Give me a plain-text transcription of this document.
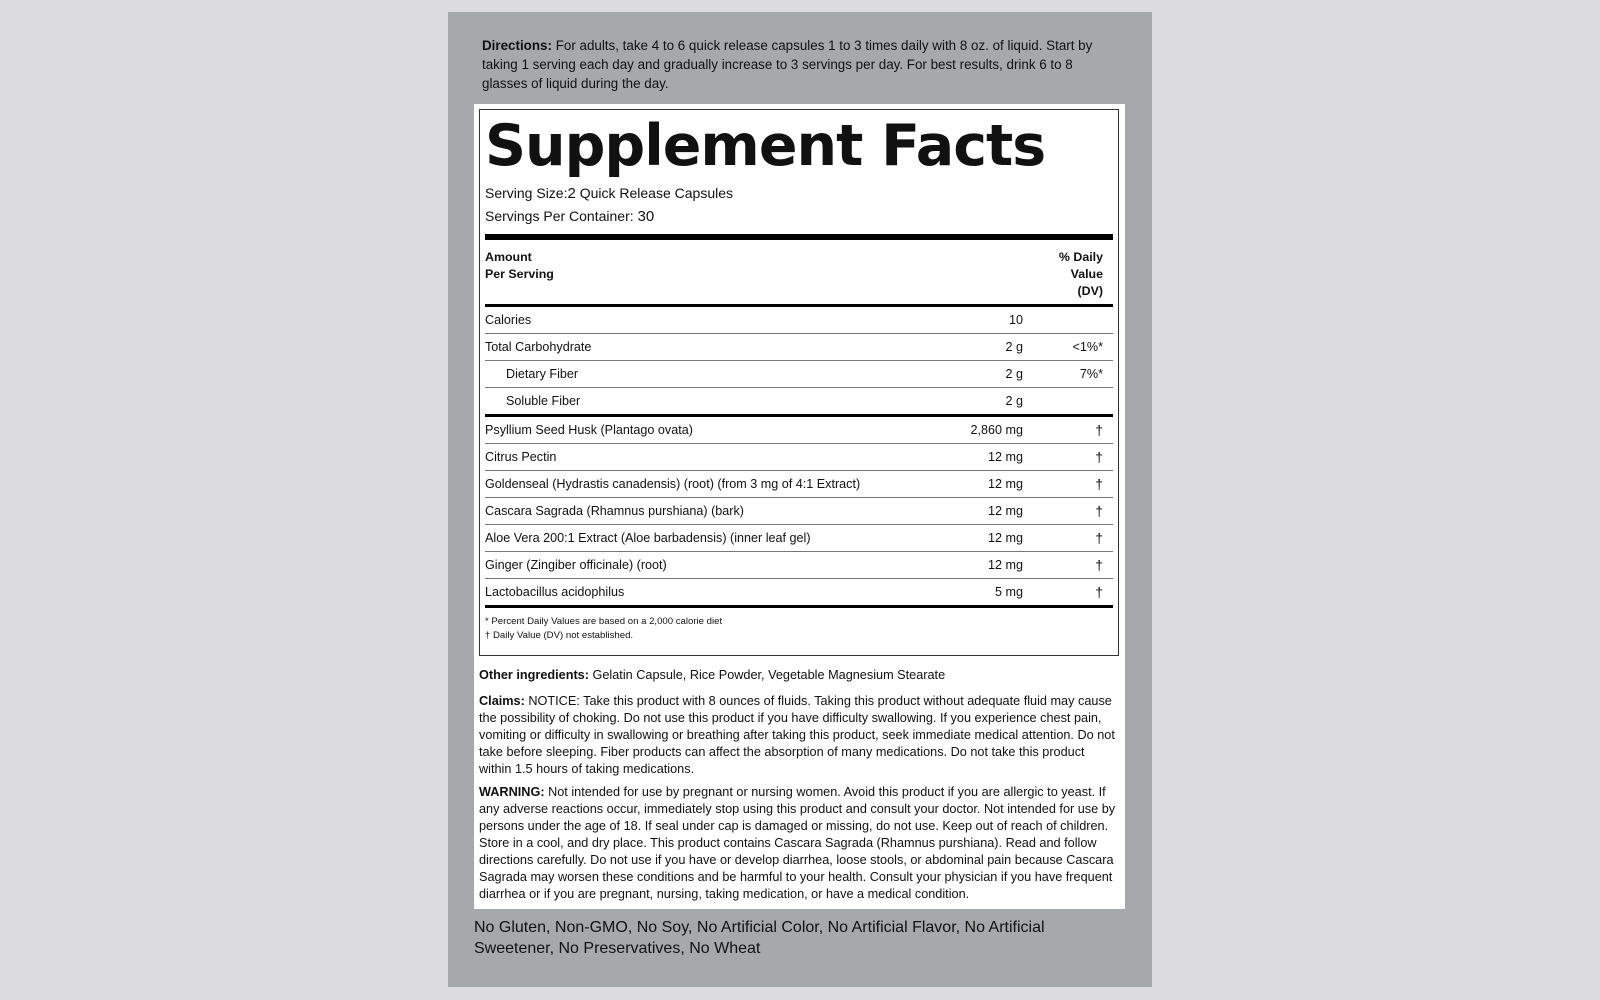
Directions: For adults, take 4 to 6 quick release capsules 1 to 3 times daily with 8 oz. of liquid. Start by taking 1 serving each day and gradually increase to 3 servings per day. For best results, drink 6 to 8 glasses of liquid during the day.
Supplement Facts
Serving Size:2 Quick Release Capsules
Servings Per Container: 30
Amount
Per Serving
% Daily
Value
(DV)
Calories	10
Total Carbohydrate	2 g	<1%*
Dietary Fiber	2 g	7%*
Soluble Fiber	2 g
Psyllium Seed Husk (Plantago ovata)	2,860 mg	†
Citrus Pectin	12 mg	†
Goldenseal (Hydrastis canadensis) (root) (from 3 mg of 4:1 Extract)	12 mg	†
Cascara Sagrada (Rhamnus purshiana) (bark)	12 mg	†
Aloe Vera 200:1 Extract (Aloe barbadensis) (inner leaf gel)	12 mg	†
Ginger (Zingiber officinale) (root)	12 mg	†
Lactobacillus acidophilus	5 mg	†
* Percent Daily Values are based on a 2,000 calorie diet
† Daily Value (DV) not established.
Other ingredients: Gelatin Capsule, Rice Powder, Vegetable Magnesium Stearate
Claims: NOTICE: Take this product with 8 ounces of fluids. Taking this product without adequate fluid may cause the possibility of choking. Do not use this product if you have difficulty swallowing. If you experience chest pain, vomiting or difficulty in swallowing or breathing after taking this product, seek immediate medical attention. Do not take before sleeping. Fiber products can affect the absorption of many medications. Do not take this product within 1.5 hours of taking medications.
WARNING: Not intended for use by pregnant or nursing women. Avoid this product if you are allergic to yeast. If any adverse reactions occur, immediately stop using this product and consult your doctor. Not intended for use by persons under the age of 18. If seal under cap is damaged or missing, do not use. Keep out of reach of children. Store in a cool, and dry place. This product contains Cascara Sagrada (Rhamnus purshiana). Read and follow directions carefully. Do not use if you have or develop diarrhea, loose stools, or abdominal pain because Cascara Sagrada may worsen these conditions and be harmful to your health. Consult your physician if you have frequent diarrhea or if you are pregnant, nursing, taking medication, or have a medical condition.
No Gluten, Non-GMO, No Soy, No Artificial Color, No Artificial Flavor, No Artificial Sweetener, No Preservatives, No Wheat
